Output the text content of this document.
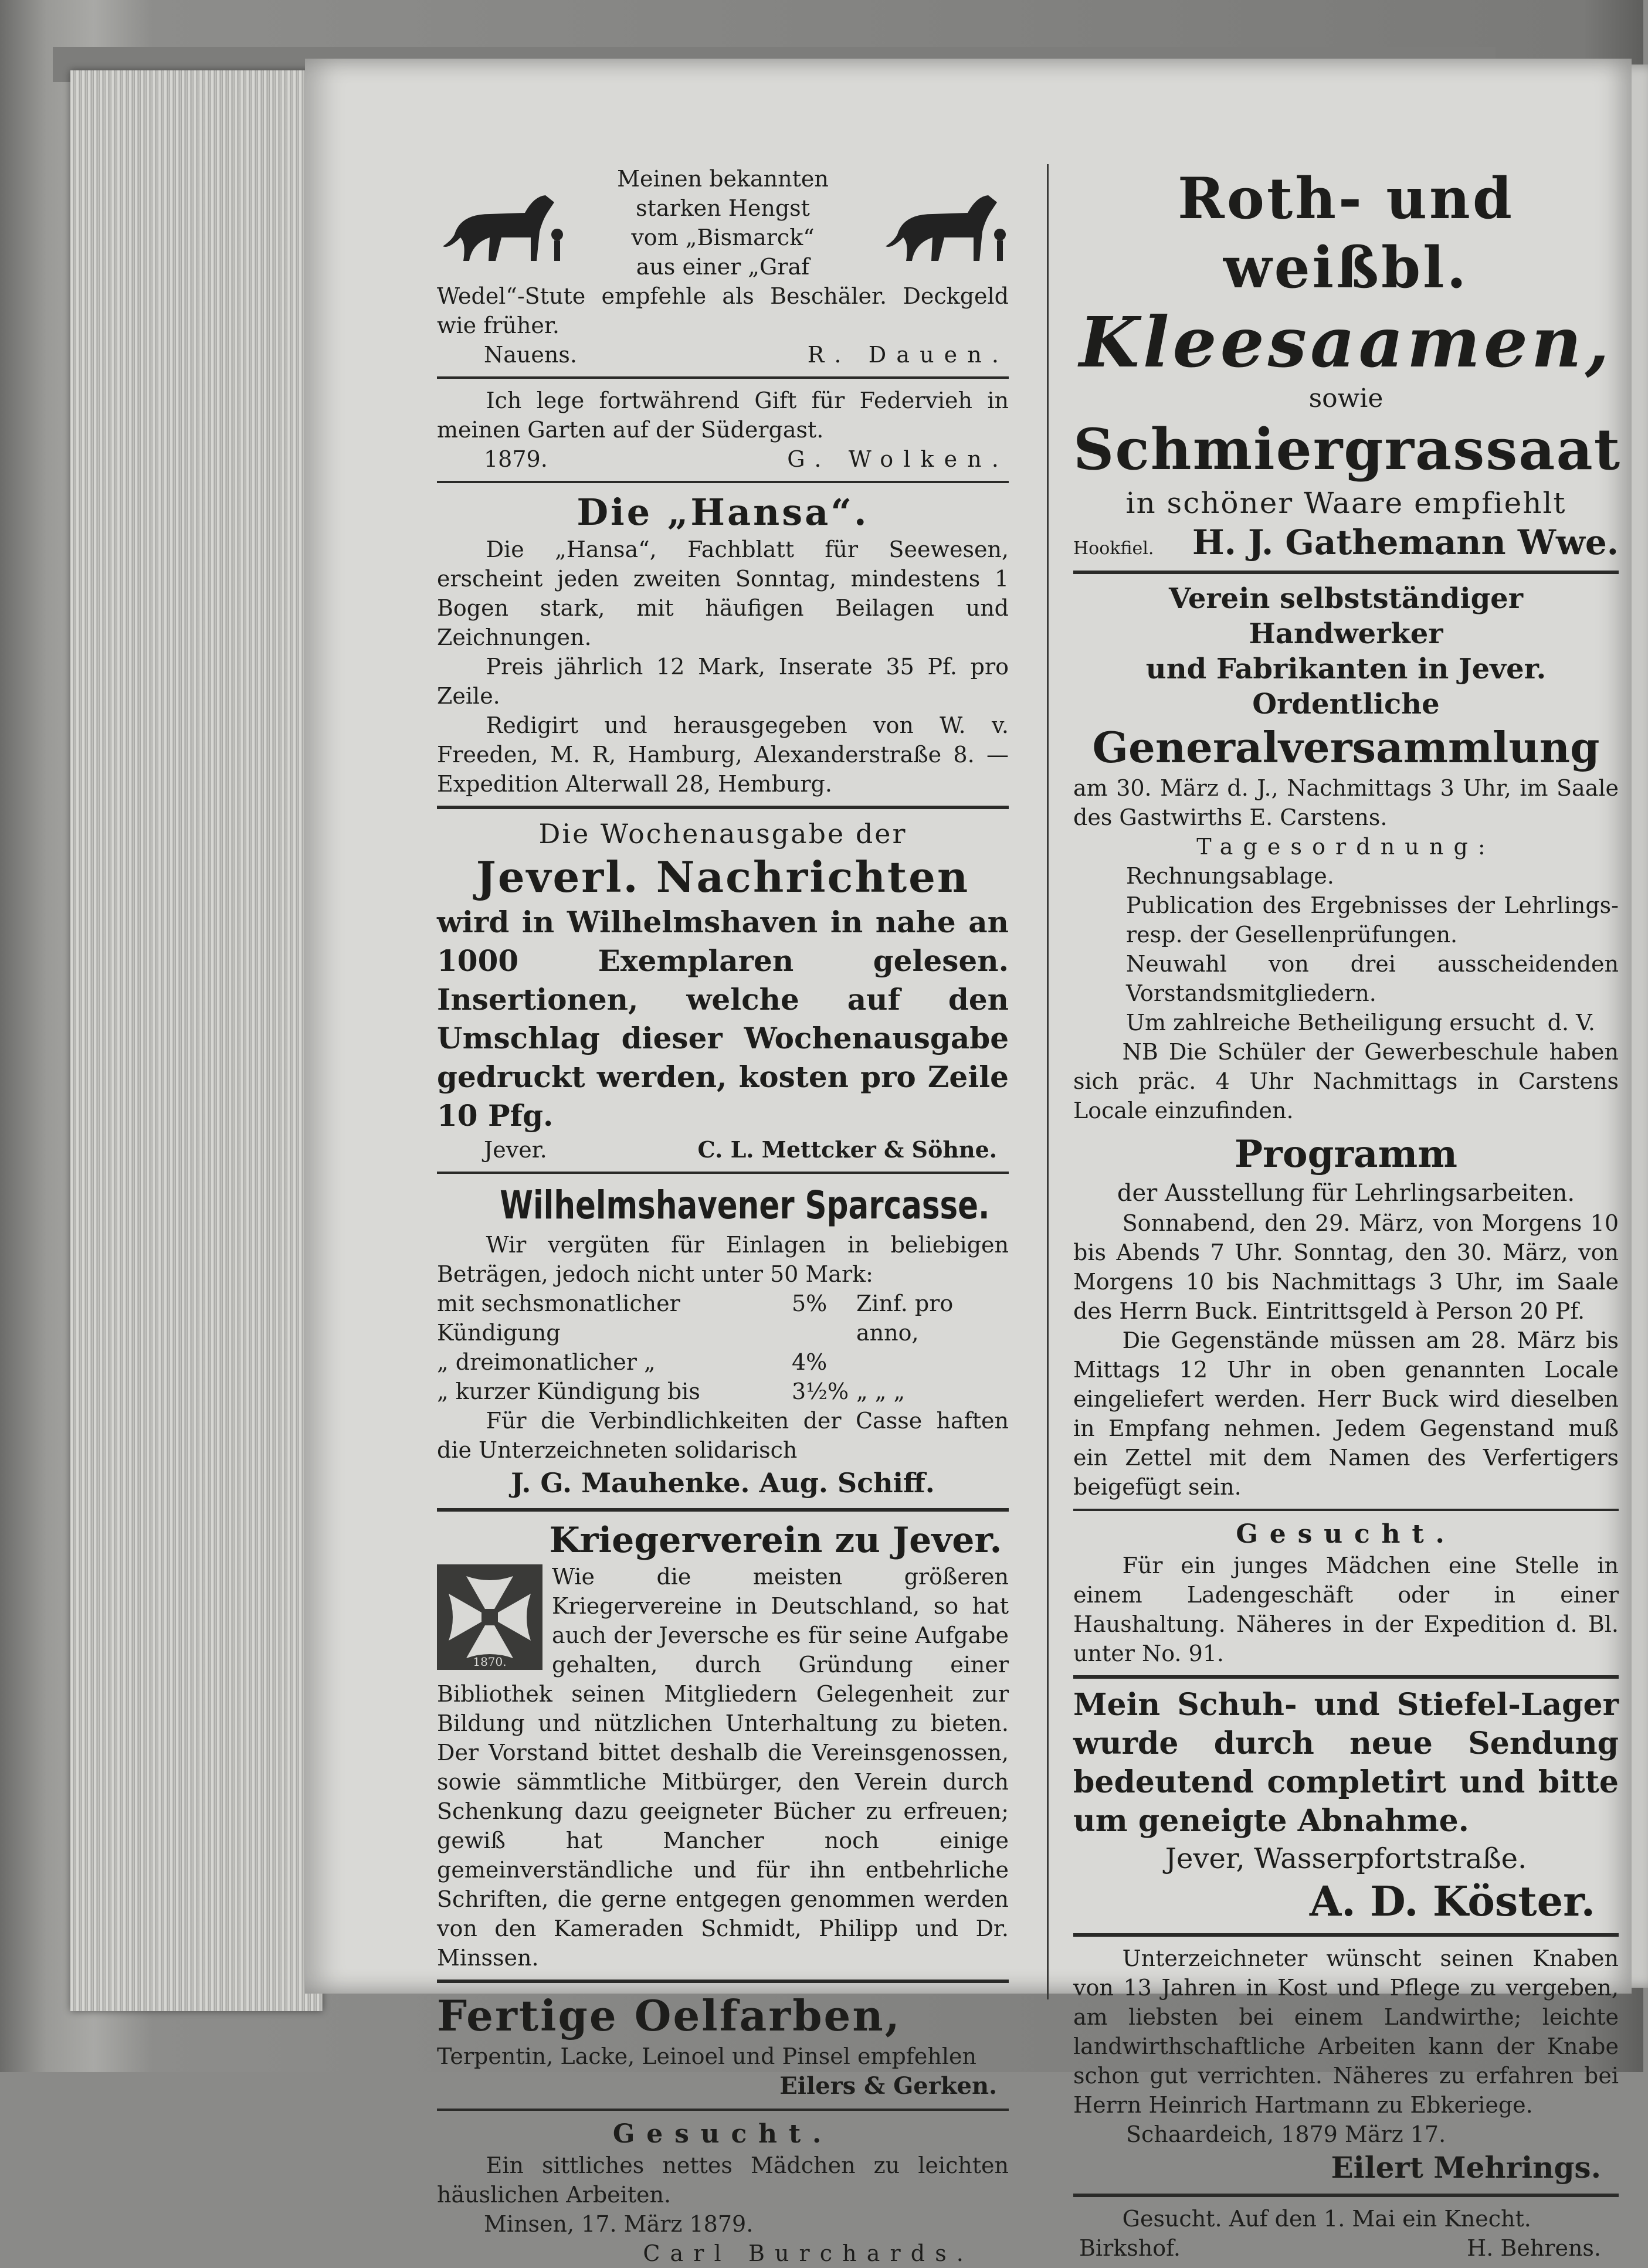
Meinen bekannten
starken Hengst
vom „Bismarck“
aus einer „Graf

Wedel“-Stute empfehle als Beschäler. Deckgeld wie früher.

Nauens.	R. Dauen.

Ich lege fortwährend Gift für Federvieh in meinen Garten auf der Südergast.

1879.	G. Wolken.
Die „Hansa“.

Die „Hansa“, Fachblatt für Seewesen, erscheint jeden zweiten Sonntag, mindestens 1 Bogen stark, mit häufigen Beilagen und Zeichnungen.

Preis jährlich 12 Mark, Inserate 35 Pf. pro Zeile.

Redigirt und herausgegeben von W. v. Freeden, M. R, Hamburg, Alexanderstraße 8. — Expedition Alterwall 28, Hemburg.

Die Wochenausgabe der
Jeverl. Nachrichten

wird in Wilhelmshaven in nahe an 1000 Exemplaren gelesen. Insertionen, welche auf den Umschlag dieser Wochenausgabe gedruckt werden, kosten pro Zeile 10 Pfg.

Jever.	C. L. Mettcker & Söhne.
Wilhelmshavener Sparcasse.

Wir vergüten für Einlagen in beliebigen Beträgen, jedoch nicht unter 50 Mark:

mit sechsmonatlicher Kündigung	5%	Zinf. pro anno,
„ dreimonatlicher „	4%	
„ kurzer Kündigung bis	3½%	„ „ „

Für die Verbindlichkeiten der Casse haften die Unterzeichneten solidarisch

J. G. Mauhenke. Aug. Schiff.
Kriegerverein zu Jever.
1870.

Wie die meisten größeren Kriegervereine in Deutschland, so hat auch der Jeversche es für seine Aufgabe gehalten, durch Gründung einer Bibliothek seinen Mitgliedern Gelegenheit zur Bildung und nützlichen Unterhaltung zu bieten. Der Vorstand bittet deshalb die Vereinsgenossen, sowie sämmtliche Mitbürger, den Verein durch Schenkung dazu geeigneter Bücher zu erfreuen; gewiß hat Mancher noch einige gemeinverständliche und für ihn entbehrliche Schriften, die gerne entgegen genommen werden von den Kameraden Schmidt, Philipp und Dr. Minssen.

Fertige Oelfarben,

Terpentin, Lacke, Leinoel und Pinsel empfehlen

Eilers & Gerken.
Gesucht.

Ein sittliches nettes Mädchen zu leichten häuslichen Arbeiten.

Minsen, 17. März 1879.

Carl Burchards.
Roth- und weißbl.
Kleesaamen,
sowie
Schmiergrassaat
in schöner Waare empfiehlt
Hookfiel. H. J. Gathemann Wwe.
Verein selbstständiger Handwerker
und Fabrikanten in Jever.
Ordentliche
Generalversammlung

am 30. März d. J., Nachmittags 3 Uhr, im Saale des Gastwirths E. Carstens.

Tagesordnung:

Rechnungsablage.

Publication des Ergebnisses der Lehrlings- resp. der Gesellenprüfungen.

Neuwahl von drei ausscheidenden Vorstandsmitgliedern.

Um zahlreiche Betheiligung ersucht d. V.

NB Die Schüler der Gewerbeschule haben sich präc. 4 Uhr Nachmittags in Carstens Locale einzufinden.

Programm
der Ausstellung für Lehrlingsarbeiten.

Sonnabend, den 29. März, von Morgens 10 bis Abends 7 Uhr. Sonntag, den 30. März, von Morgens 10 bis Nachmittags 3 Uhr, im Saale des Herrn Buck. Eintrittsgeld à Person 20 Pf.

Die Gegenstände müssen am 28. März bis Mittags 12 Uhr in oben genannten Locale eingeliefert werden. Herr Buck wird dieselben in Empfang nehmen. Jedem Gegenstand muß ein Zettel mit dem Namen des Verfertigers beigefügt sein.

Gesucht.

Für ein junges Mädchen eine Stelle in einem Ladengeschäft oder in einer Haushaltung. Näheres in der Expedition d. Bl. unter No. 91.

Mein Schuh- und Stiefel-Lager wurde durch neue Sendung bedeutend completirt und bitte um geneigte Abnahme.

Jever, Wasserpfortstraße.
A. D. Köster.

Unterzeichneter wünscht seinen Knaben von 13 Jahren in Kost und Pflege zu vergeben, am liebsten bei einem Landwirthe; leichte landwirthschaftliche Arbeiten kann der Knabe schon gut verrichten. Näheres zu erfahren bei Herrn Heinrich Hartmann zu Ebkeriege.

Schaardeich, 1879 März 17.

Eilert Mehrings.

Gesucht. Auf den 1. Mai ein Knecht.

Birkshof.	H. Behrens.
